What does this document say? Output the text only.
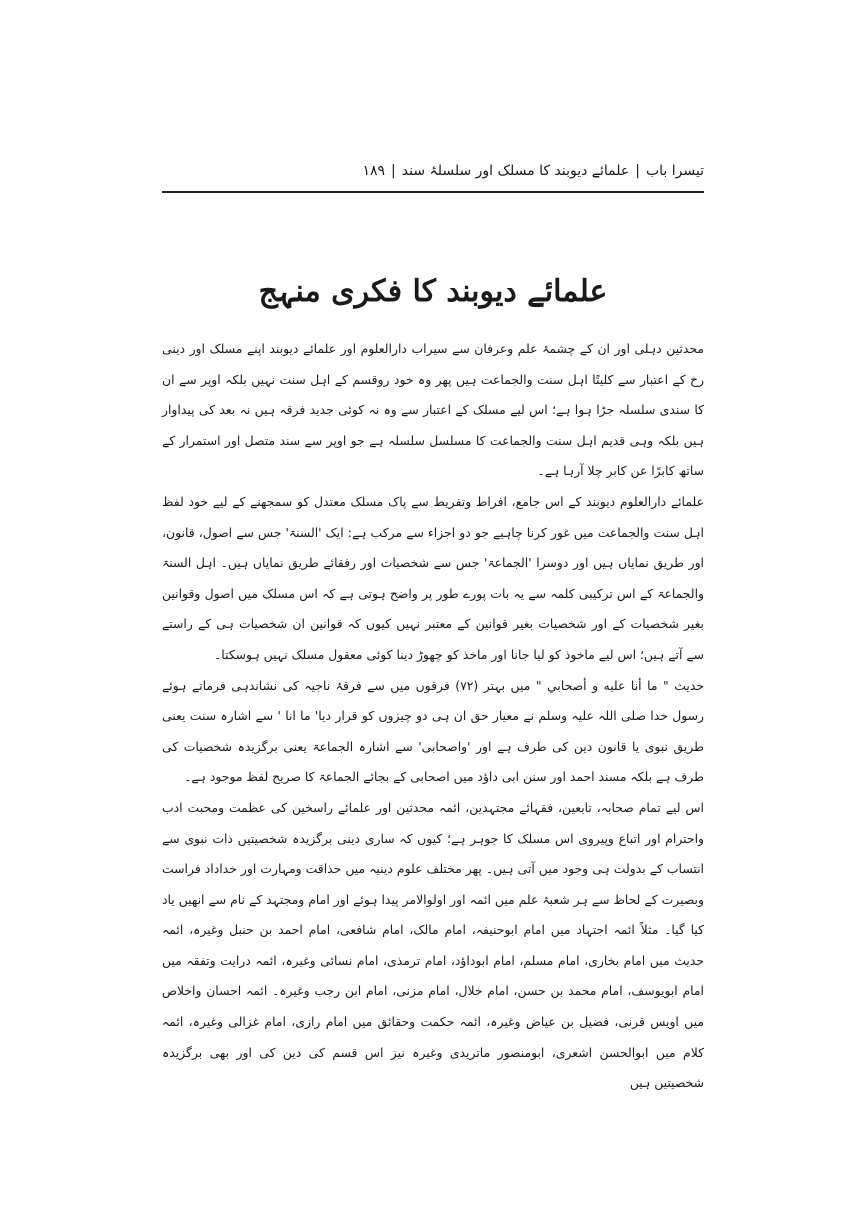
تیسرا باب
|
علمائے دیوبند کا مسلک اور سلسلۂ سند
|
۱۸۹
علمائے دیوبند کا فکری منہج

محدثین دہلی اور ان کے چشمۂ علم وعرفان سے سیراب دارالعلوم اور علمائے دیوبند اپنے مسلک اور دینی رخ کے اعتبار سے کلیتًا اہل سنت والجماعت ہیں پھر وہ خود روقسم کے اہل سنت نہیں بلکہ اوپر سے ان کا سندی سلسلہ جڑا ہوا ہے؛ اس لیے مسلک کے اعتبار سے وہ نہ کوئی جدید فرقہ ہیں نہ بعد کی پیداوار ہیں بلکہ وہی قدیم اہل سنت والجماعت کا مسلسل سلسلہ ہے جو اوپر سے سند متصل اور استمرار کے ساتھ کابرًا عن کابر چلا آرہا ہے۔

علمائے دارالعلوم دیوبند کے اس جامع، افراط وتفریط سے پاک مسلک معتدل کو سمجھنے کے لیے خود لفظ اہل سنت والجماعت میں غور کرنا چاہیے جو دو اجزاء سے مرکب ہے: ایک 'السنۃ' جس سے اصول، قانون، اور طریق نمایاں ہیں اور دوسرا 'الجماعۃ' جس سے شخصیات اور رفقائے طریق نمایاں ہیں۔ اہل السنۃ والجماعۃ کے اس ترکیبی کلمہ سے یہ بات پورے طور پر واضح ہوتی ہے کہ اس مسلک میں اصول وقوانین بغیر شخصیات کے اور شخصیات بغیر قوانین کے معتبر نہیں کیوں کہ قوانین ان شخصیات ہی کے راستے سے آتے ہیں؛ اس لیے ماخوذ کو لیا جانا اور ماخذ کو چھوڑ دینا کوئی معقول مسلک نہیں ہوسکتا۔

حدیث " ما أنا عليه و أصحابي " میں بہتر (۷۲) فرقوں میں سے فرقۂ ناجیہ کی نشاندہی فرماتے ہوئے رسول خدا صلی اللہ علیہ وسلم نے معیار حق ان ہی دو چیزوں کو قرار دیا' ما انا ' سے اشارہ سنت یعنی طریق نبوی یا قانون دین کی طرف ہے اور 'واصحابی' سے اشارہ الجماعۃ یعنی برگزیدہ شخصیات کی طرف ہے بلکہ مسند احمد اور سنن ابی داؤد میں اصحابی کے بجائے الجماعۃ کا صریح لفظ موجود ہے۔

اس لیے تمام صحابہ، تابعین، فقہائے مجتہدین، ائمہ محدثین اور علمائے راسخین کی عظمت ومحبت ادب واحترام اور اتباع وپیروی اس مسلک کا جوہر ہے؛ کیوں کہ ساری دینی برگزیدہ شخصیتیں ذات نبوی سے انتساب کے بدولت ہی وجود میں آتی ہیں۔ پھر مختلف علوم دینیہ میں حذاقت ومہارت اور خداداد فراست وبصیرت کے لحاظ سے ہر شعبۂ علم میں ائمہ اور اولوالامر پیدا ہوئے اور امام ومجتہد کے نام سے انھیں یاد کیا گیا۔ مثلاً ائمہ اجتہاد میں امام ابوحنیفہ، امام مالک، امام شافعی، امام احمد بن حنبل وغیرہ، ائمہ حدیث میں امام بخاری، امام مسلم، امام ابوداؤد، امام ترمذی، امام نسائی وغیرہ، ائمہ درایت وتفقہ میں امام ابویوسف، امام محمد بن حسن، امام خلال، امام مزنی، امام ابن رجب وغیرہ۔ ائمہ احسان واخلاص میں اویس قرنی، فضیل بن عیاض وغیرہ، ائمہ حکمت وحقائق میں امام رازی، امام غزالی وغیرہ، ائمہ کلام میں ابوالحسن اشعری، ابومنصور ماتریدی وغیرہ نیز اس قسم کی دین کی اور بھی برگزیدہ شخصیتیں ہیں
